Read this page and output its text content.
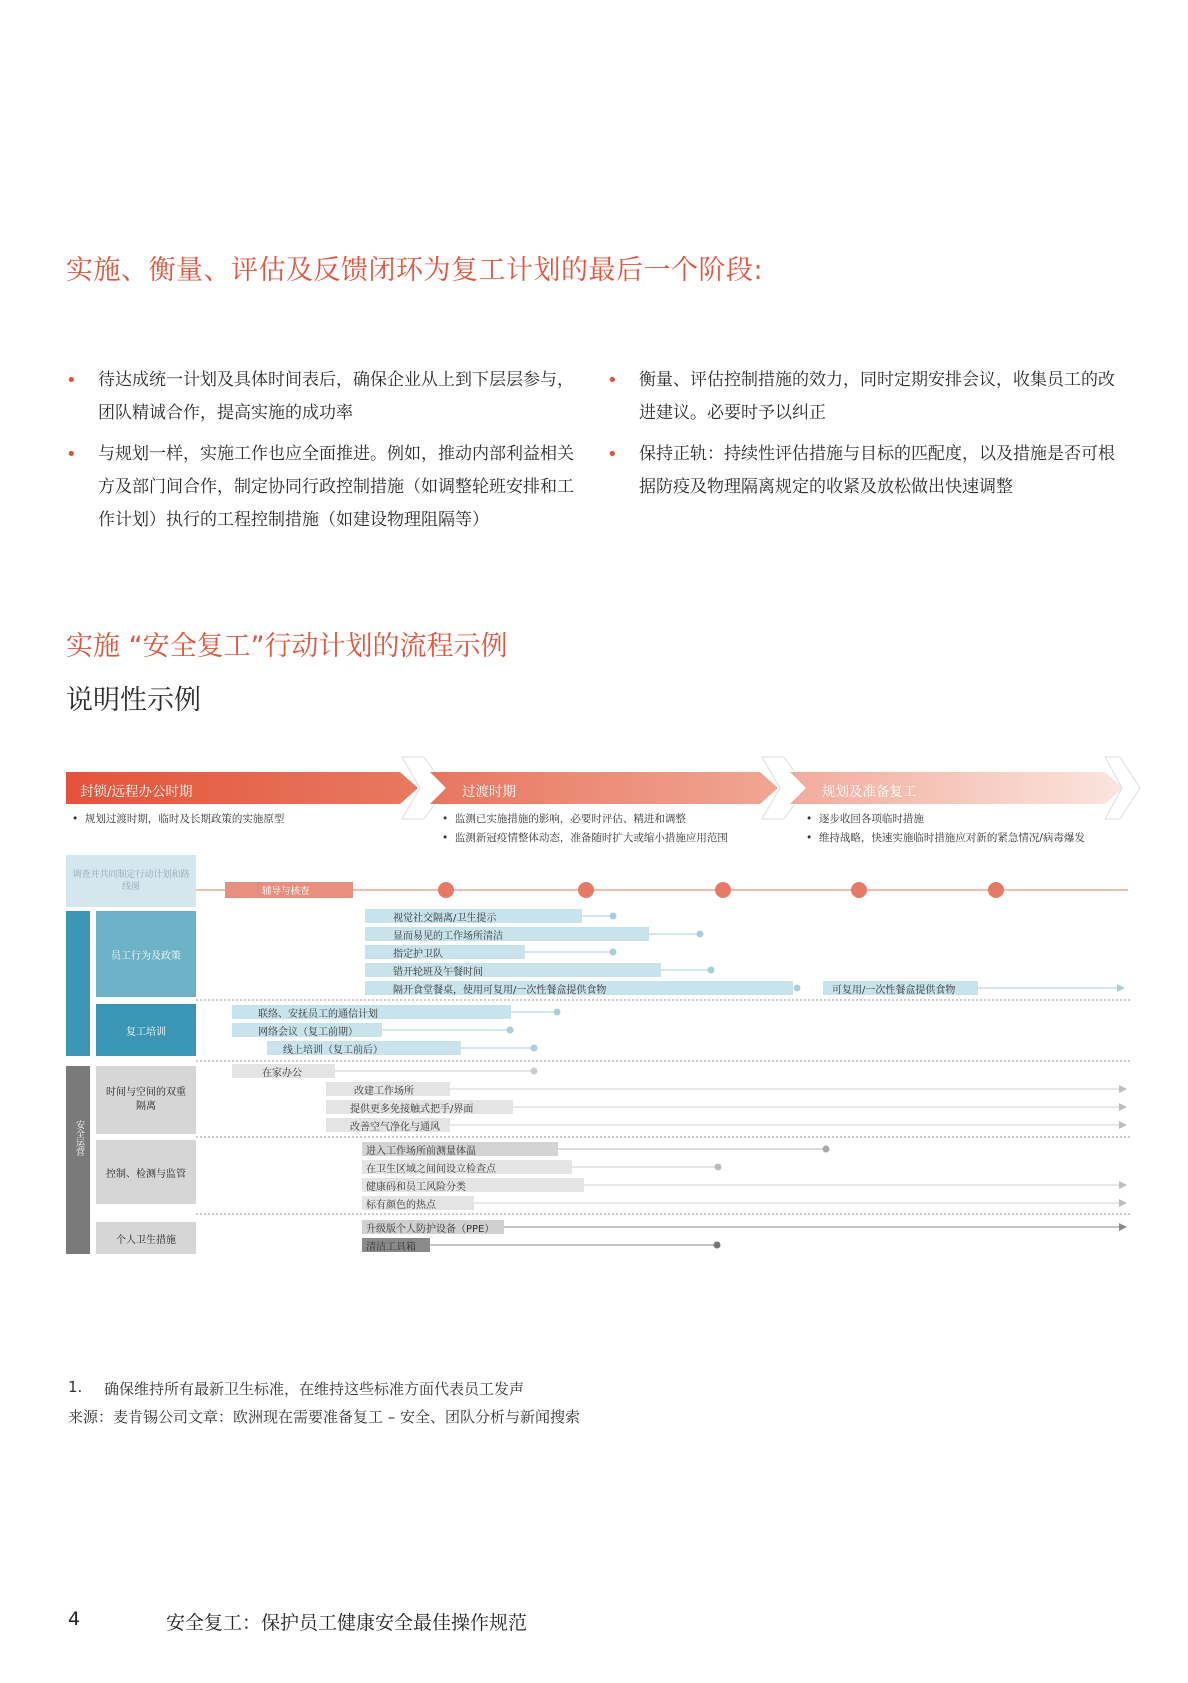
实施、衡量、评估及反馈闭环为复工计划的最后一个阶段:
• 待达成统一计划及具体时间表后，确保企业从上到下层层参与，团队精诚合作，提高实施的成功率
• 与规划一样，实施工作也应全面推进。例如，推动内部利益相关方及部门间合作，制定协同行政控制措施（如调整轮班安排和工作计划）执行的工程控制措施（如建设物理阻隔等）
• 衡量、评估控制措施的效力，同时定期安排会议，收集员工的改进建议。必要时予以纠正
• 保持正轨：持续性评估措施与目标的匹配度，以及措施是否可根据防疫及物理隔离规定的收紧及放松做出快速调整
实施 “安全复工”行动计划的流程示例
说明性示例
封锁/远程办公时期	过渡时期	规划及准备复工
• 规划过渡时期，临时及长期政策的实施原型	• 监测已实施措施的影响，必要时评估、精进和调整
• 监测新冠疫情整体动态，准备随时扩大或缩小措施应用范围
• 逐步收回各项临时措施
• 维持战略，快速实施临时措施应对新的紧急情况/病毒爆发
调查并共同制定行动计划和路线图	辅导与核查
安全运营
员工行为及政策
复工培训
时间与空间的双重隔离
控制、检测与监管
个人卫生措施
视觉社交隔离/卫生提示
显而易见的工作场所清洁
指定护卫队
错开轮班及午餐时间
隔开食堂餐桌，使用可复用/一次性餐盒提供食物	可复用/一次性餐盒提供食物
联络、安抚员工的通信计划
网络会议（复工前期）
线上培训（复工前后）
在家办公
改建工作场所
提供更多免接触式把手/界面
改善空气净化与通风
进入工作场所前测量体温
在卫生区域之间间设立检查点
健康码和员工风险分类
标有颜色的热点
升级版个人防护设备（PPE）
清洁工具箱
1. 确保维持所有最新卫生标准，在维持这些标准方面代表员工发声
来源：麦肯锡公司文章：欧洲现在需要准备复工 – 安全、团队分析与新闻搜索
4	安全复工：保护员工健康安全最佳操作规范
